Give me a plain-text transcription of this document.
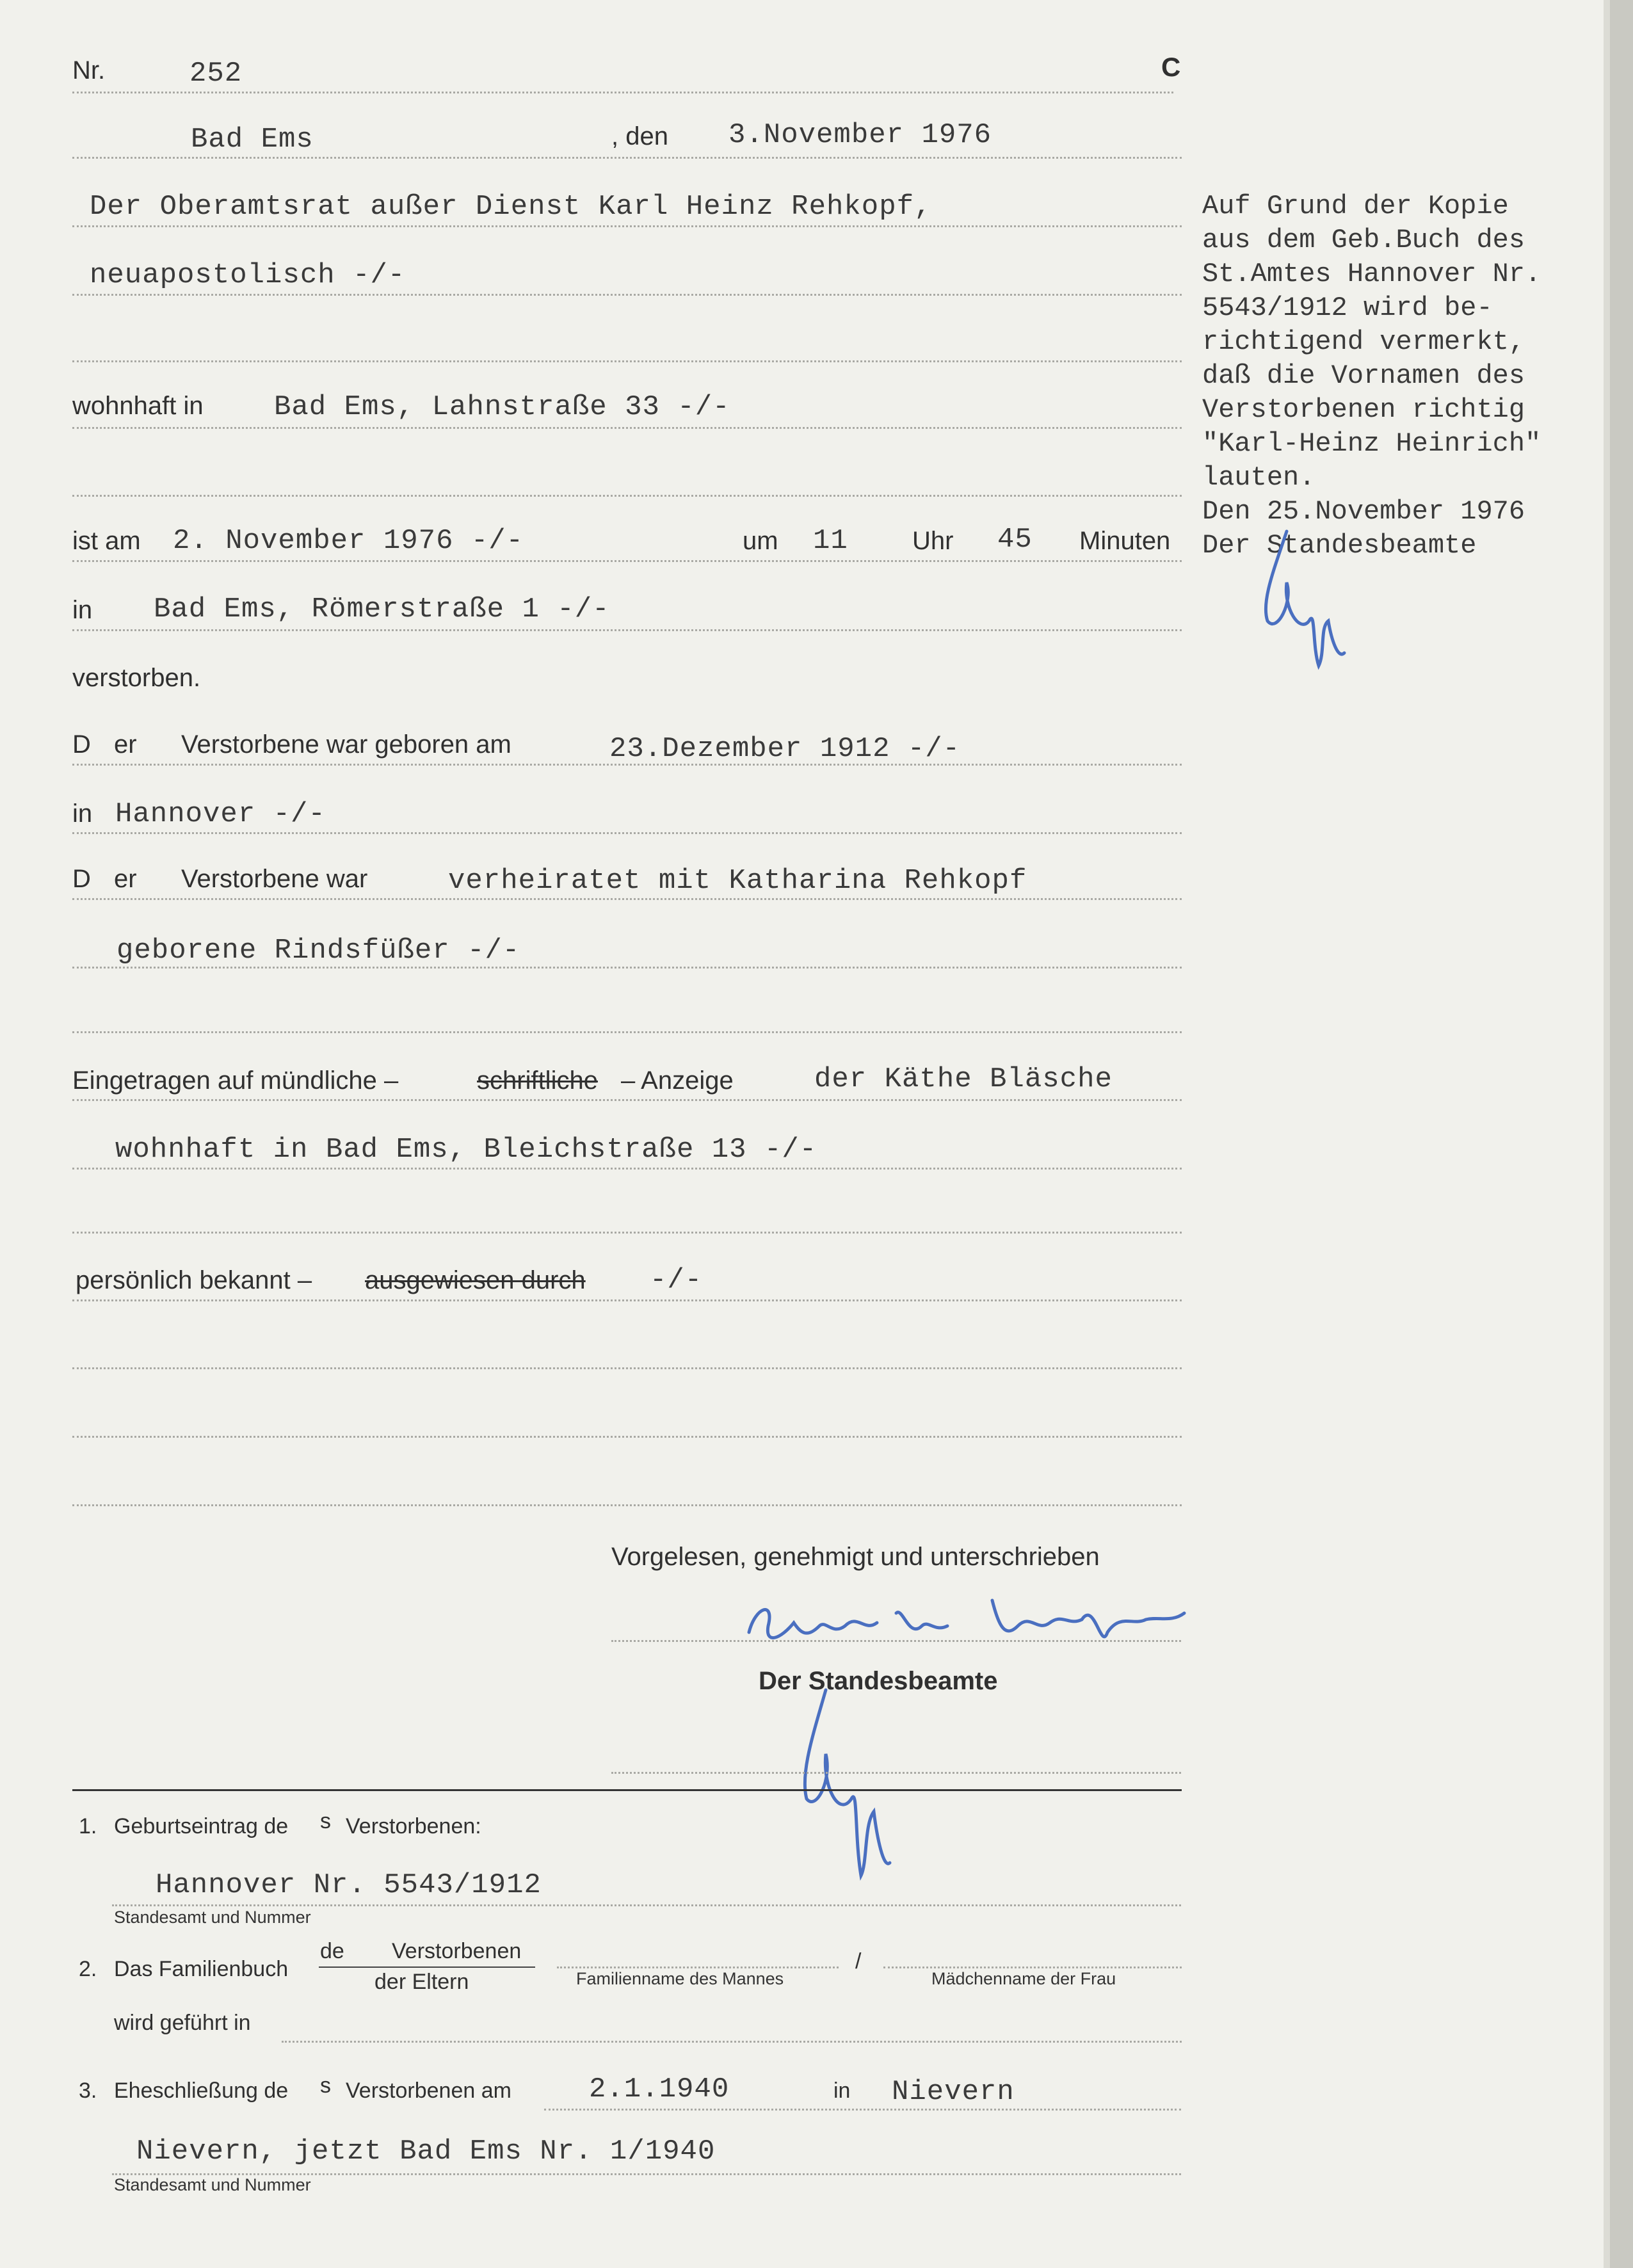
Nr.	252	C
Bad Ems	, den 3.November 1976
Der Oberamtsrat außer Dienst Karl Heinz Rehkopf,
neuapostolisch -/-
wohnhaft in	Bad Ems, Lahnstraße 33 -/-
ist am 2. November 1976 -/-	um 11	Uhr 45 Minuten
in Bad Ems, Römerstraße 1 -/-
verstorben.
D er Verstorbene war geboren am	23.Dezember 1912 -/-
in Hannover -/-
D er Verstorbene war	verheiratet mit Katharina Rehkopf
geborene Rindsfüßer -/-
Eingetragen auf mündliche –	schriftliche – Anzeige	der Käthe Bläsche
wohnhaft in Bad Ems, Bleichstraße 13 -/-
persönlich bekannt – ausgewiesen durch -/-
Auf Grund der Kopie
aus dem Geb.Buch des
St.Amtes Hannover Nr.
5543/1912 wird be-
richtigend vermerkt,
daß die Vornamen des
Verstorbenen richtig
"Karl-Heinz Heinrich"
lauten.
Den 25.November 1976
Der Standesbeamte
Vorgelesen, genehmigt und unterschrieben
Der Standesbeamte
1. Geburtseintrag de s Verstorbenen:
Hannover Nr. 5543/1912
Standesamt und Nummer
2. Das Familienbuch
de Verstorbenen
der Eltern	Familienname des Mannes
/
Mädchenname der Frau
wird geführt in
3. Eheschließung de s Verstorbenen am	2.1.1940	in Nievern
Nievern, jetzt Bad Ems Nr. 1/1940
Standesamt und Nummer
